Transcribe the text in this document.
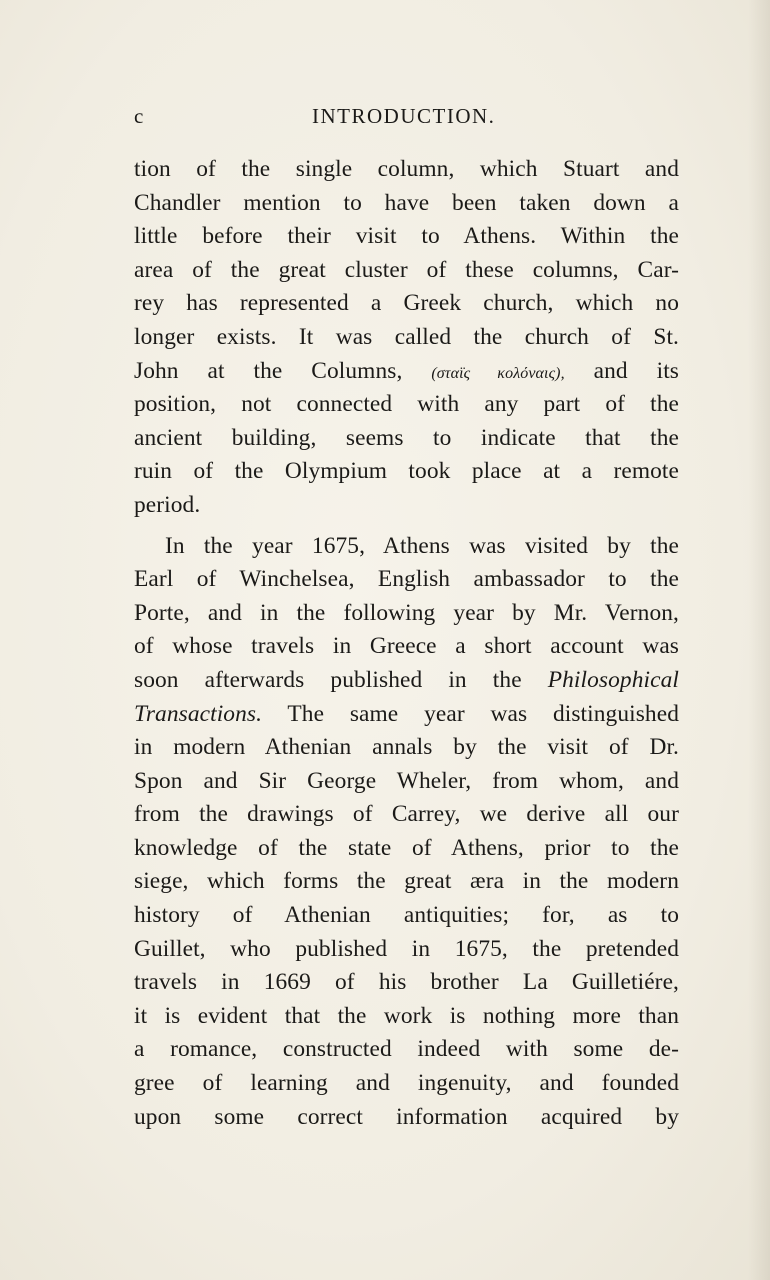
c	INTRODUCTION.
tion of the single column, which Stuart and
Chandler mention to have been taken down a
little before their visit to Athens. Within the
area of the great cluster of these columns, Car-
rey has represented a Greek church, which no
longer exists. It was called the church of St.
John at the Columns, (στα̈ις κολόναις), and its
position, not connected with any part of the
ancient building, seems to indicate that the
ruin of the Olympium took place at a remote
period.
In the year 1675, Athens was visited by the
Earl of Winchelsea, English ambassador to the
Porte, and in the following year by Mr. Vernon,
of whose travels in Greece a short account was
soon afterwards published in the Philosophical
Transactions. The same year was distinguished
in modern Athenian annals by the visit of Dr.
Spon and Sir George Wheler, from whom, and
from the drawings of Carrey, we derive all our
knowledge of the state of Athens, prior to the
siege, which forms the great æra in the modern
history of Athenian antiquities; for, as to
Guillet, who published in 1675, the pretended
travels in 1669 of his brother La Guilletiére,
it is evident that the work is nothing more than
a romance, constructed indeed with some de-
gree of learning and ingenuity, and founded
upon some correct information acquired by
